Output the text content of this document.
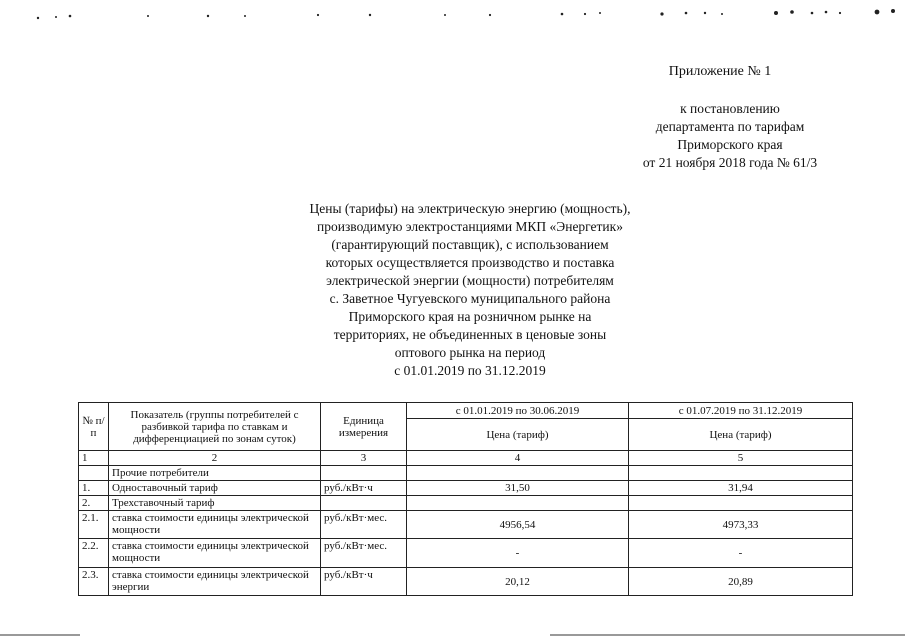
Приложение № 1
к постановлению
департамента по тарифам
Приморского края
от 21 ноября 2018 года № 61/3
Цены (тарифы) на электрическую энергию (мощность),
производимую электростанциями МКП «Энергетик»
(гарантирующий поставщик), с использованием
которых осуществляется производство и поставка
электрической энергии (мощности) потребителям
с. Заветное Чугуевского муниципального района
Приморского края на розничном рынке на
территориях, не объединенных в ценовые зоны
оптового рынка на период
с 01.01.2019 по 31.12.2019
№ п/п	Показатель (группы потребителей с разбивкой тарифа по ставкам и дифференциацией по зонам суток)	Единица измерения	с 01.01.2019 по 30.06.2019	с 01.07.2019 по 31.12.2019
			Цена (тариф)	Цена (тариф)
1	2	3	4	5
	Прочие потребители			
1.	Одноставочный тариф	руб./кВт·ч	31,50	31,94
2.	Трехставочный тариф			
2.1.	ставка стоимости единицы электрической мощности	руб./кВт·мес.	4956,54	4973,33
2.2.	ставка стоимости единицы электрической мощности	руб./кВт·мес.	-	-
2.3.	ставка стоимости единицы электрической энергии	руб./кВт·ч	20,12	20,89
